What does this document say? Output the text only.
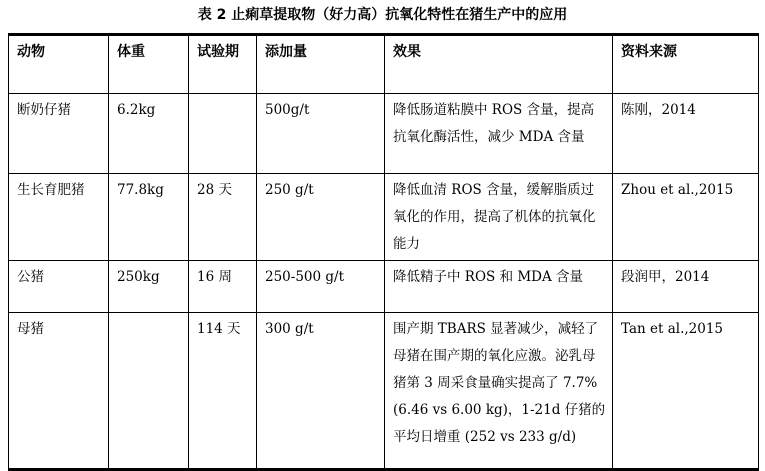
表 2 止痢草提取物（好力高）抗氧化特性在猪生产中的应用
动物	体重	试验期	添加量	效果	资料来源
断奶仔猪	6.2kg		500g/t	降低肠道粘膜中 ROS 含量，提高抗氧化酶活性，减少 MDA 含量	陈刚，2014
生长育肥猪	77.8kg	28 天	250 g/t	降低血清 ROS 含量，缓解脂质过氧化的作用，提高了机体的抗氧化能力	Zhou et al.,2015
公猪	250kg	16 周	250-500 g/t	降低精子中 ROS 和 MDA 含量	段润甲，2014
母猪		114 天	300 g/t	围产期 TBARS 显著减少，减轻了母猪在围产期的氧化应激。泌乳母猪第 3 周采食量确实提高了 7.7%(6.46 vs 6.00 kg)，1-21d 仔猪的平均日增重 (252 vs 233 g/d)	Tan et al.,2015
